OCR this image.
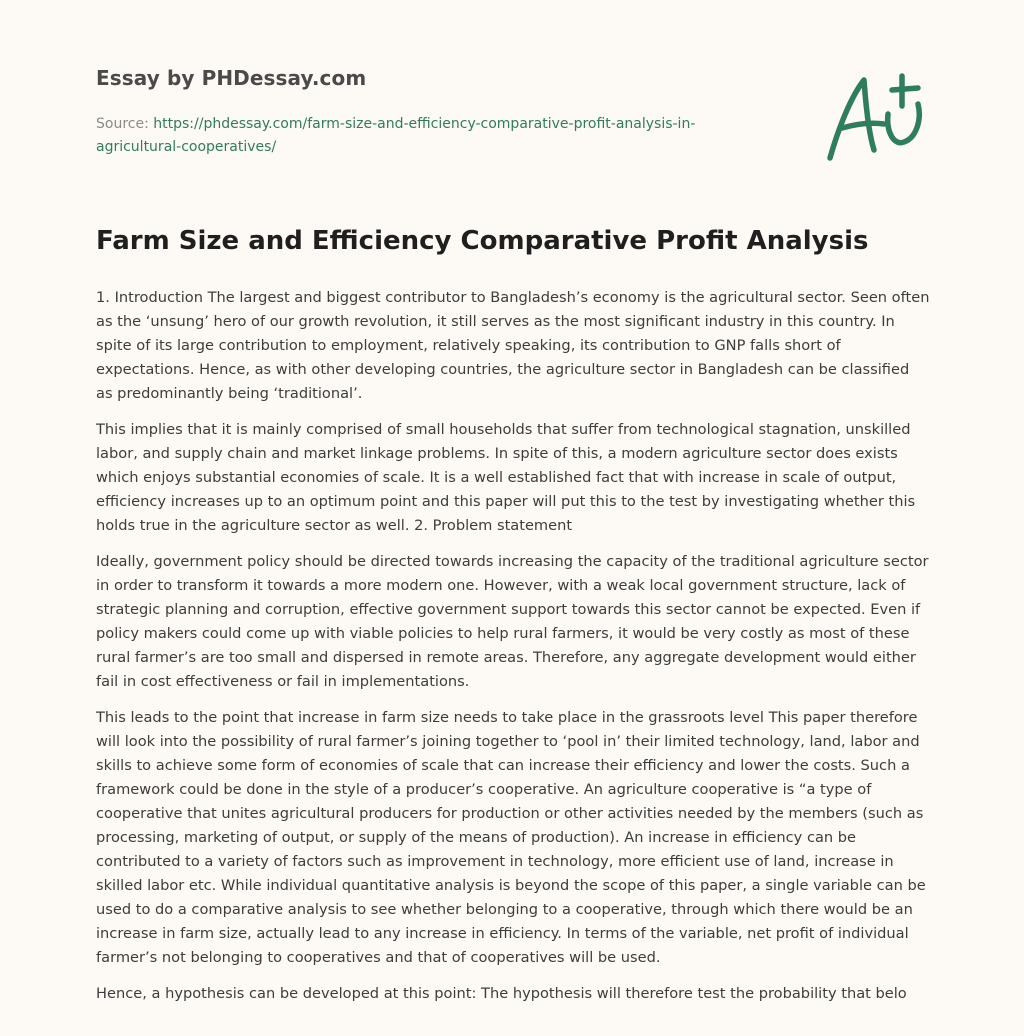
Essay by PHDessay.com
Source: https://phdessay.com/farm-size-and-efficiency-comparative-profit-analysis-in-agricultural-cooperatives/
Farm Size and Efficiency Comparative Profit Analysis

1. Introduction The largest and biggest contributor to Bangladesh’s economy is the agricultural sector. Seen often as the ‘unsung’ hero of our growth revolution, it still serves as the most significant industry in this country. In spite of its large contribution to employment, relatively speaking, its contribution to GNP falls short of expectations. Hence, as with other developing countries, the agriculture sector in Bangladesh can be classified as predominantly being ‘traditional’.

This implies that it is mainly comprised of small households that suffer from technological stagnation, unskilled labor, and supply chain and market linkage problems. In spite of this, a modern agriculture sector does exists which enjoys substantial economies of scale. It is a well established fact that with increase in scale of output, efficiency increases up to an optimum point and this paper will put this to the test by investigating whether this holds true in the agriculture sector as well. 2. Problem statement

Ideally, government policy should be directed towards increasing the capacity of the traditional agriculture sector in order to transform it towards a more modern one. However, with a weak local government structure, lack of strategic planning and corruption, effective government support towards this sector cannot be expected. Even if policy makers could come up with viable policies to help rural farmers, it would be very costly as most of these rural farmer’s are too small and dispersed in remote areas. Therefore, any aggregate development would either fail in cost effectiveness or fail in implementations.

This leads to the point that increase in farm size needs to take place in the grassroots level This paper therefore will look into the possibility of rural farmer’s joining together to ‘pool in’ their limited technology, land, labor and skills to achieve some form of economies of scale that can increase their efficiency and lower the costs. Such a framework could be done in the style of a producer’s cooperative. An agriculture cooperative is “a type of cooperative that unites agricultural producers for production or other activities needed by the members (such as processing, marketing of output, or supply of the means of production). An increase in efficiency can be contributed to a variety of factors such as improvement in technology, more efficient use of land, increase in skilled labor etc. While individual quantitative analysis is beyond the scope of this paper, a single variable can be used to do a comparative analysis to see whether belonging to a cooperative, through which there would be an increase in farm size, actually lead to any increase in efficiency. In terms of the variable, net profit of individual farmer’s not belonging to cooperatives and that of cooperatives will be used.

Hence, a hypothesis can be developed at this point: The hypothesis will therefore test the probability that belo
